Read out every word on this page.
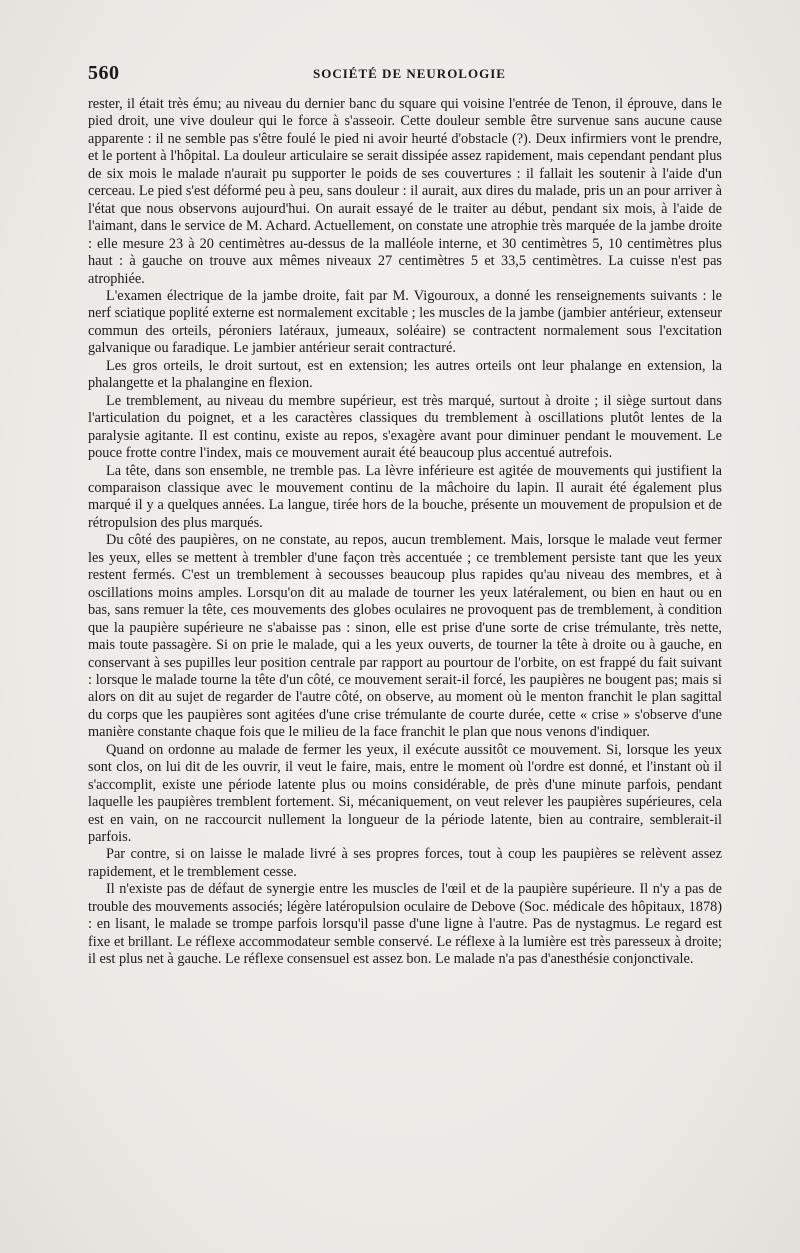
560	SOCIÉTÉ DE NEUROLOGIE

rester, il était très ému; au niveau du dernier banc du square qui voisine l'entrée de Tenon, il éprouve, dans le pied droit, une vive douleur qui le force à s'asseoir. Cette douleur semble être survenue sans aucune cause apparente : il ne semble pas s'être foulé le pied ni avoir heurté d'obstacle (?). Deux infirmiers vont le prendre, et le portent à l'hôpital. La douleur articulaire se serait dissipée assez rapidement, mais cependant pendant plus de six mois le malade n'aurait pu supporter le poids de ses couvertures : il fallait les soutenir à l'aide d'un cerceau. Le pied s'est déformé peu à peu, sans douleur : il aurait, aux dires du malade, pris un an pour arriver à l'état que nous observons aujourd'hui. On aurait essayé de le traiter au début, pendant six mois, à l'aide de l'aimant, dans le service de M. Achard. Actuellement, on constate une atrophie très marquée de la jambe droite : elle mesure 23 à 20 centimètres au-dessus de la malléole interne, et 30 centimètres 5, 10 centimètres plus haut : à gauche on trouve aux mêmes niveaux 27 centimètres 5 et 33,5 centimètres. La cuisse n'est pas atrophiée.

L'examen électrique de la jambe droite, fait par M. Vigouroux, a donné les renseignements suivants : le nerf sciatique poplité externe est normalement excitable ; les muscles de la jambe (jambier antérieur, extenseur commun des orteils, péroniers latéraux, jumeaux, soléaire) se contractent normalement sous l'excitation galvanique ou faradique. Le jambier antérieur serait contracturé.

Les gros orteils, le droit surtout, est en extension; les autres orteils ont leur phalange en extension, la phalangette et la phalangine en flexion.

Le tremblement, au niveau du membre supérieur, est très marqué, surtout à droite ; il siège surtout dans l'articulation du poignet, et a les caractères classiques du tremblement à oscillations plutôt lentes de la paralysie agitante. Il est continu, existe au repos, s'exagère avant pour diminuer pendant le mouvement. Le pouce frotte contre l'index, mais ce mouvement aurait été beaucoup plus accentué autrefois.

La tête, dans son ensemble, ne tremble pas. La lèvre inférieure est agitée de mouvements qui justifient la comparaison classique avec le mouvement continu de la mâchoire du lapin. Il aurait été également plus marqué il y a quelques années. La langue, tirée hors de la bouche, présente un mouvement de propulsion et de rétropulsion des plus marqués.

Du côté des paupières, on ne constate, au repos, aucun tremblement. Mais, lorsque le malade veut fermer les yeux, elles se mettent à trembler d'une façon très accentuée ; ce tremblement persiste tant que les yeux restent fermés. C'est un tremblement à secousses beaucoup plus rapides qu'au niveau des membres, et à oscillations moins amples. Lorsqu'on dit au malade de tourner les yeux latéralement, ou bien en haut ou en bas, sans remuer la tête, ces mouvements des globes oculaires ne provoquent pas de tremblement, à condition que la paupière supérieure ne s'abaisse pas : sinon, elle est prise d'une sorte de crise trémulante, très nette, mais toute passagère. Si on prie le malade, qui a les yeux ouverts, de tourner la tête à droite ou à gauche, en conservant à ses pupilles leur position centrale par rapport au pourtour de l'orbite, on est frappé du fait suivant : lorsque le malade tourne la tête d'un côté, ce mouvement serait-il forcé, les paupières ne bougent pas; mais si alors on dit au sujet de regarder de l'autre côté, on observe, au moment où le menton franchit le plan sagittal du corps que les paupières sont agitées d'une crise trémulante de courte durée, cette « crise » s'observe d'une manière constante chaque fois que le milieu de la face franchit le plan que nous venons d'indiquer.

Quand on ordonne au malade de fermer les yeux, il exécute aussitôt ce mouvement. Si, lorsque les yeux sont clos, on lui dit de les ouvrir, il veut le faire, mais, entre le moment où l'ordre est donné, et l'instant où il s'accomplit, existe une période latente plus ou moins considérable, de près d'une minute parfois, pendant laquelle les paupières tremblent fortement. Si, mécaniquement, on veut relever les paupières supérieures, cela est en vain, on ne raccourcit nullement la longueur de la période latente, bien au contraire, semblerait-il parfois.

Par contre, si on laisse le malade livré à ses propres forces, tout à coup les paupières se relèvent assez rapidement, et le tremblement cesse.

Il n'existe pas de défaut de synergie entre les muscles de l'œil et de la paupière supérieure. Il n'y a pas de trouble des mouvements associés; légère latéropulsion oculaire de Debove (Soc. médicale des hôpitaux, 1878) : en lisant, le malade se trompe parfois lorsqu'il passe d'une ligne à l'autre. Pas de nystagmus. Le regard est fixe et brillant. Le réflexe accommodateur semble conservé. Le réflexe à la lumière est très paresseux à droite; il est plus net à gauche. Le réflexe consensuel est assez bon. Le malade n'a pas d'anesthésie conjonctivale.
